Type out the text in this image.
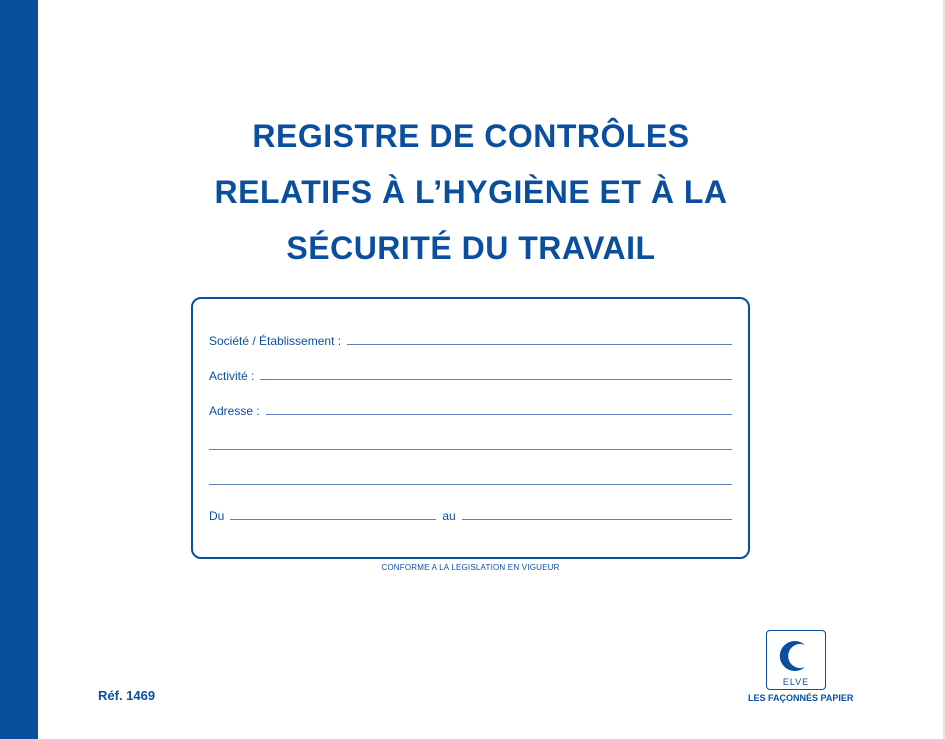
REGISTRE DE CONTRÔLES
RELATIFS À L’HYGIÈNE ET À LA
SÉCURITÉ DU TRAVAIL
Société / Établissement :
Activité :
Adresse :
Du	au
CONFORME A LA LEGISLATION EN VIGUEUR
Réf. 1469
ELVE
LES FAÇONNÉS PAPIER
